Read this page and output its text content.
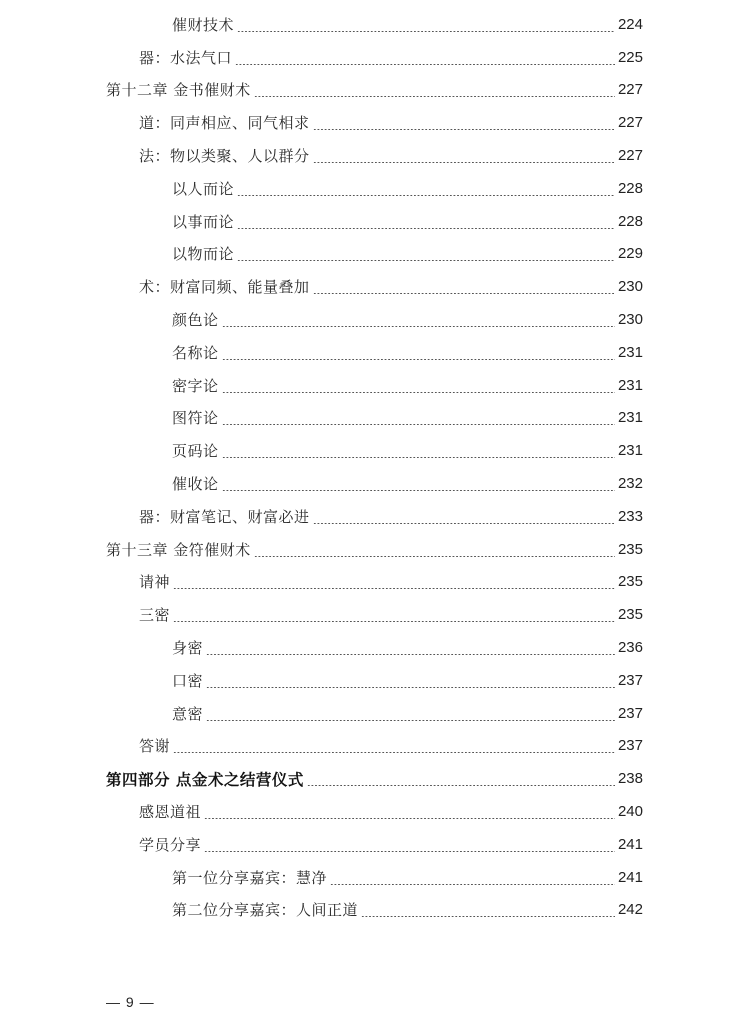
催财技术	224
器：水法气口	225
第十二章 金书催财术	227
道：同声相应、同气相求	227
法：物以类聚、人以群分	227
以人而论	228
以事而论	228
以物而论	229
术：财富同频、能量叠加	230
颜色论	230
名称论	231
密字论	231
图符论	231
页码论	231
催收论	232
器：财富笔记、财富必进	233
第十三章 金符催财术	235
请神	235
三密	235
身密	236
口密	237
意密	237
答谢	237
第四部分 点金术之结营仪式	238
感恩道祖	240
学员分享	241
第一位分享嘉宾：慧净	241
第二位分享嘉宾：人间正道	242
— 9 —
